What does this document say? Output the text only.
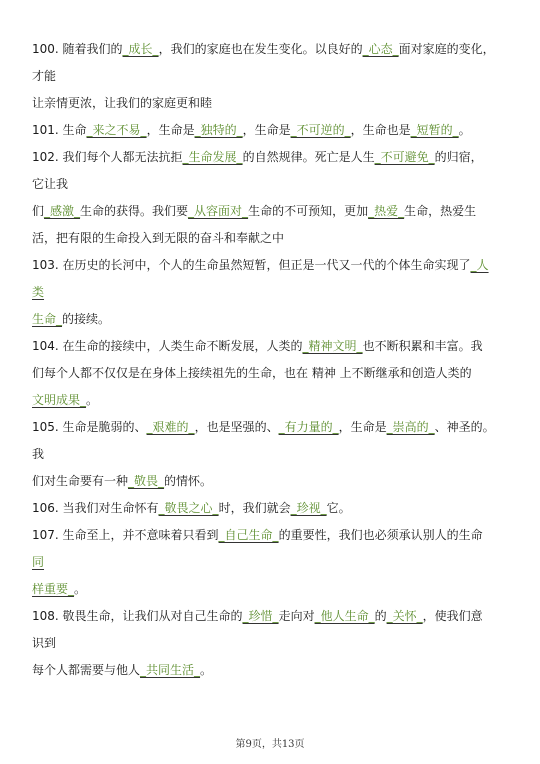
100. 随着我们的_成长_，我们的家庭也在发生变化。以良好的_心态_面对家庭的变化，
才能
让亲情更浓，让我们的家庭更和睦
101. 生命_来之不易_，生命是_独特的_，生命是_不可逆的_，生命也是_短暂的_。
102. 我们每个人都无法抗拒_生命发展_的自然规律。死亡是人生_不可避免_的归宿，
它让我
们_感激_生命的获得。我们要_从容面对_生命的不可预知，更加_热爱_生命，热爱生
活，把有限的生命投入到无限的奋斗和奉献之中
103. 在历史的长河中，个人的生命虽然短暂，但正是一代又一代的个体生命实现了_人
类
生命_的接续。
104. 在生命的接续中，人类生命不断发展，人类的_精神文明_也不断积累和丰富。我
们每个人都不仅仅是在身体上接续祖先的生命，也在 精神 上不断继承和创造人类的
文明成果_。
105. 生命是脆弱的、_艰难的_，也是坚强的、_有力量的_，生命是_崇高的_、神圣的。
我
们对生命要有一种_敬畏_的情怀。
106. 当我们对生命怀有_敬畏之心_时，我们就会_珍视_它。
107. 生命至上，并不意味着只看到_自己生命_的重要性，我们也必须承认别人的生命
同
样重要_。
108. 敬畏生命，让我们从对自己生命的_珍惜_走向对_他人生命_的_关怀_，使我们意
识到
每个人都需要与他人_共同生活_。
第9页，共13页
